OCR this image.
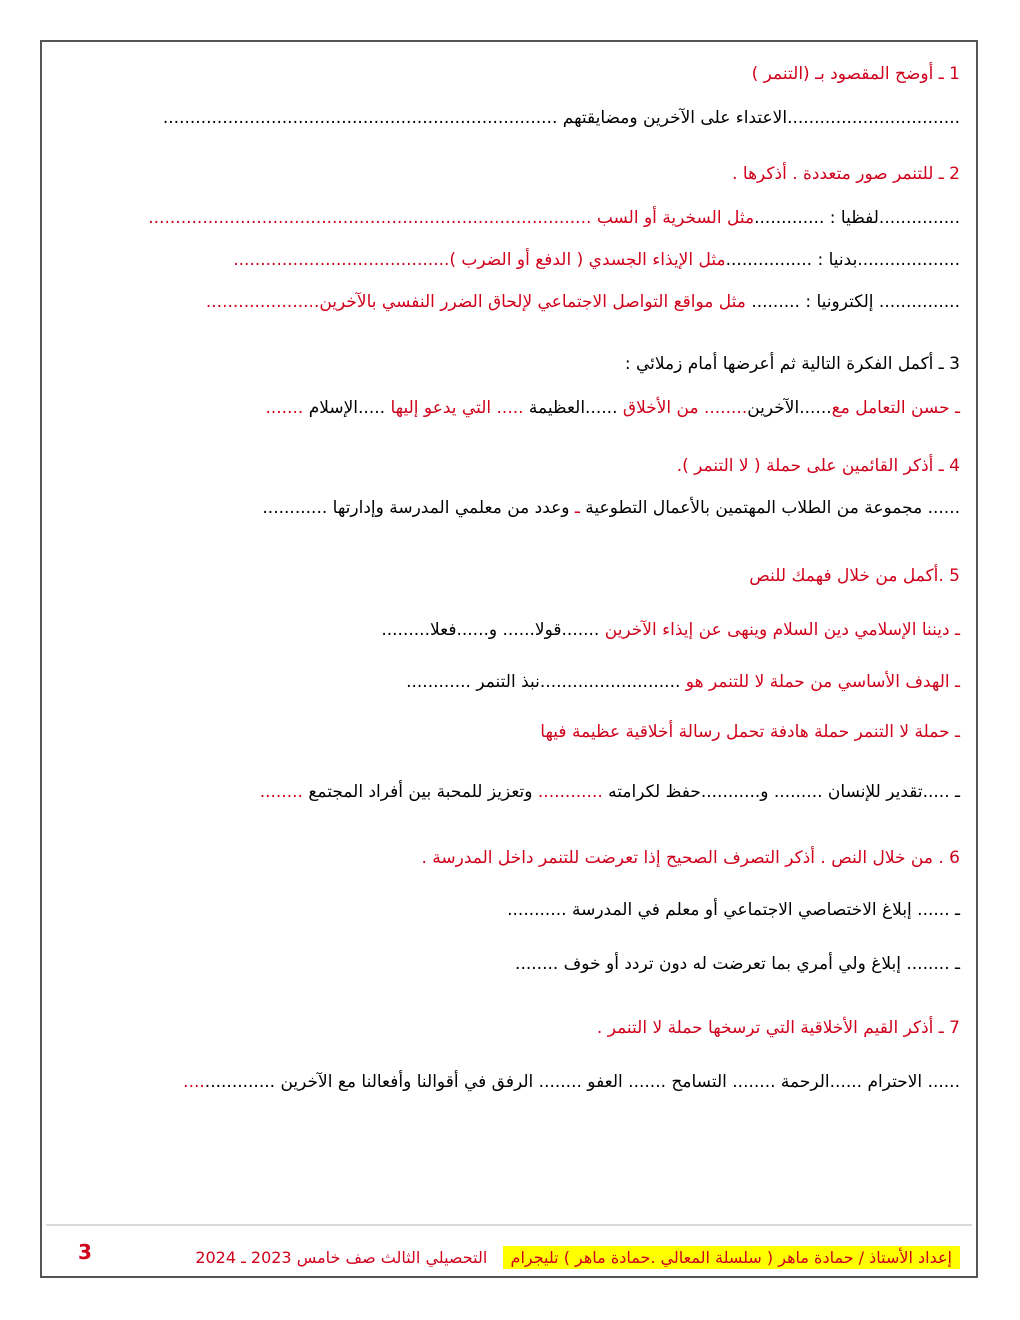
1 ـ أوضح المقصود بـ (التنمر )
................................الاعتداء على الآخرين ومضايقتهم .........................................................................
2 ـ للتنمر صور متعددة . أذكرها .
...............لفظيا : .............مثل السخرية أو السب ..................................................................................
...................بدنيا : ................مثل الإيذاء الجسدي ( الدفع أو الضرب )........................................
............... إلكترونيا : ......... مثل مواقع التواصل الاجتماعي لإلحاق الضرر النفسي بالآخرين.....................
3 ـ أكمل الفكرة التالية ثم أعرضها أمام زملائي :
ـ حسن التعامل مع......الآخرين........ من الأخلاق ......العظيمة ..... التي يدعو إليها .....الإسلام .......
4 ـ أذكر القائمين على حملة ( لا التنمر ).
...... مجموعة من الطلاب المهتمين بالأعمال التطوعية ـ وعدد من معلمي المدرسة وإدارتها ............
5 .أكمل من خلال فهمك للنص
ـ ديننا الإسلامي دين السلام وينهى عن إيذاء الآخرين .......قولا...... و......فعلا.........
ـ الهدف الأساسي من حملة لا للتنمر هو ..........................نبذ التنمر ............
ـ حملة لا التنمر حملة هادفة تحمل رسالة أخلاقية عظيمة فيها
ـ .....تقدير للإنسان ......... و...........حفظ لكرامته ............ وتعزيز للمحبة بين أفراد المجتمع ........
6 . من خلال النص . أذكر التصرف الصحيح إذا تعرضت للتنمر داخل المدرسة .
ـ ...... إبلاغ الاختصاصي الاجتماعي أو معلم في المدرسة ...........
ـ ........ إبلاغ ولي أمري بما تعرضت له دون تردد أو خوف ........
7 ـ أذكر القيم الأخلاقية التي ترسخها حملة لا التنمر .
...... الاحترام ......الرحمة ........ التسامح ....... العفو ........ الرفق في أقوالنا وأفعالنا مع الآخرين .................
إعداد الأستاذ / حمادة ماهر ( سلسلة المعالي .حمادة ماهر ) تليجرام   التحصيلي الثالث صف خامس 2023 ـ 2024
3
